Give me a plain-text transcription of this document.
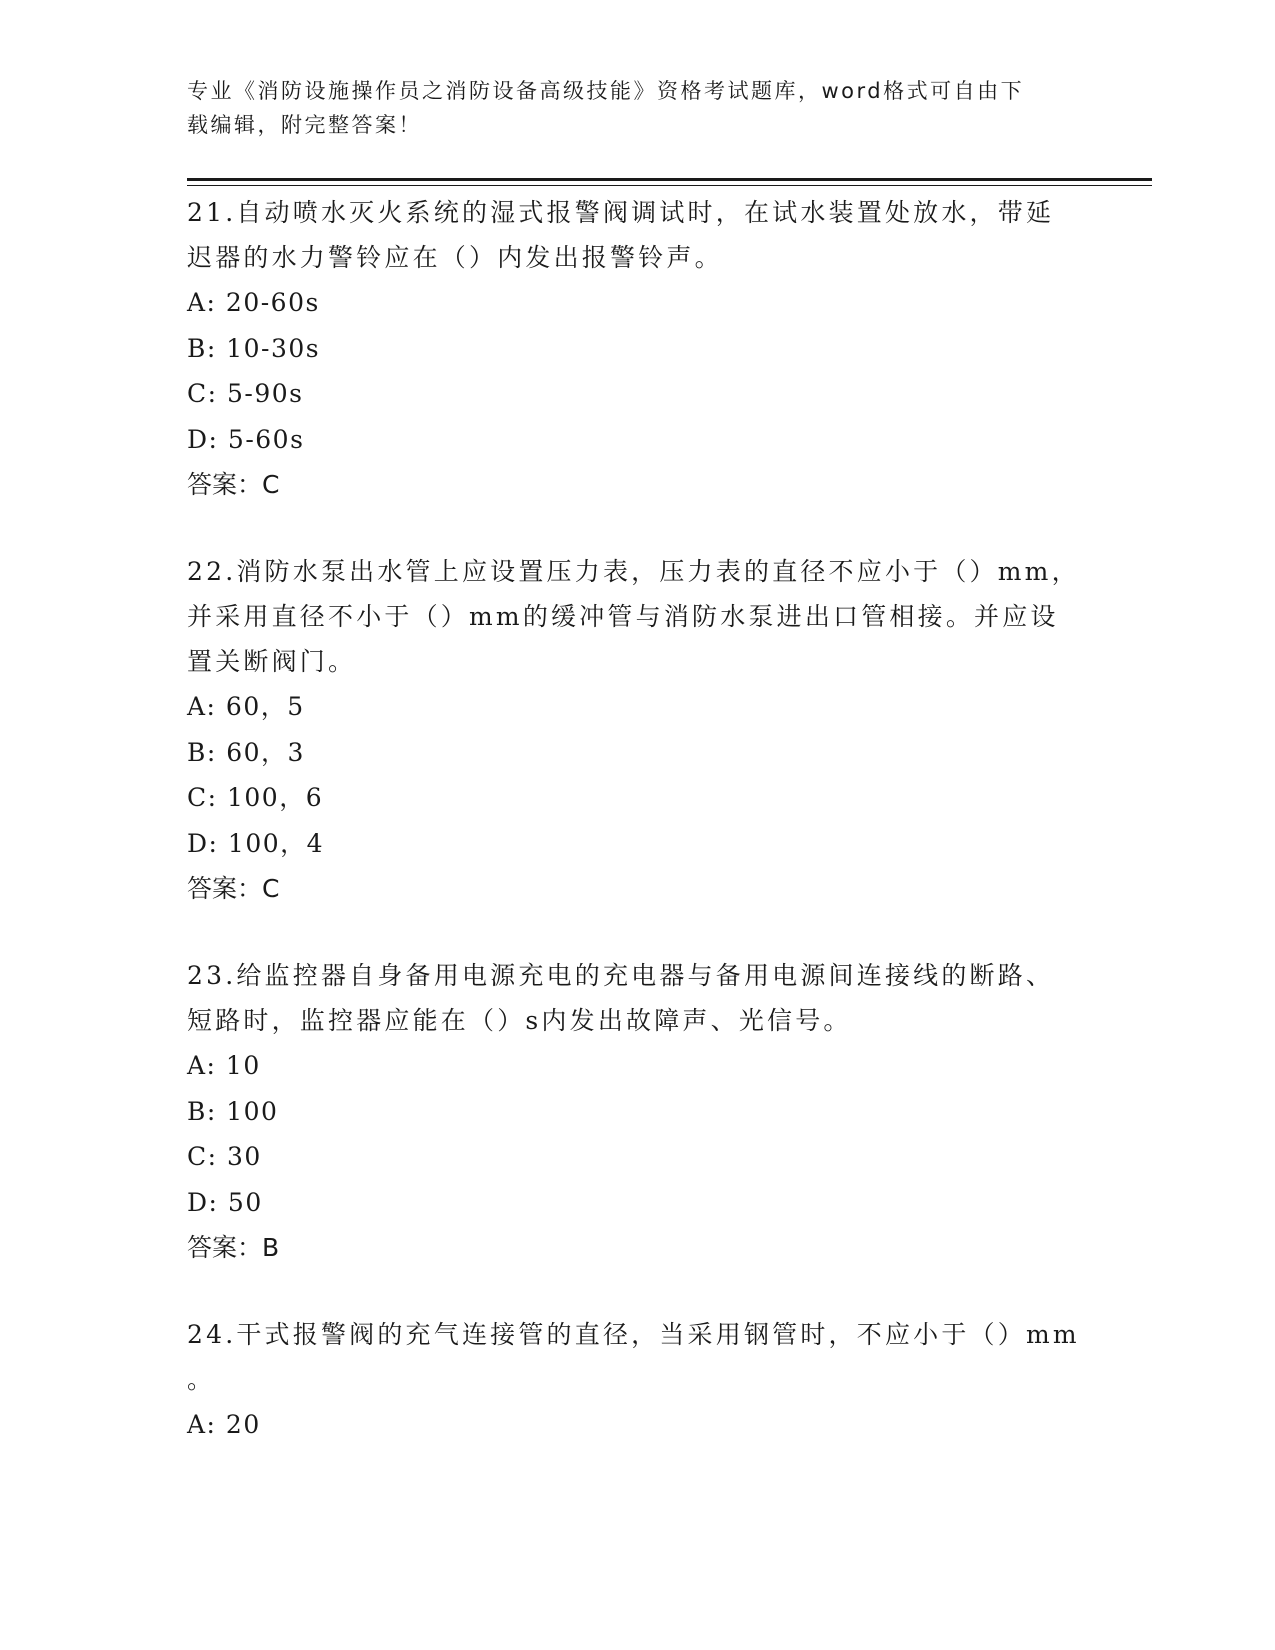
专业《消防设施操作员之消防设备高级技能》资格考试题库，word格式可自由下
载编辑，附完整答案！

21.自动喷水灭火系统的湿式报警阀调试时，在试水装置处放水，带延

迟器的水力警铃应在（）内发出报警铃声。

A: 20-60s

B: 10-30s

C: 5-90s

D: 5-60s

答案：C

22.消防水泵出水管上应设置压力表，压力表的直径不应小于（）mm，

并采用直径不小于（）mm的缓冲管与消防水泵进出口管相接。并应设

置关断阀门。

A: 60，5

B: 60，3

C: 100，6

D: 100，4

答案：C

23.给监控器自身备用电源充电的充电器与备用电源间连接线的断路、

短路时，监控器应能在（）s内发出故障声、光信号。

A: 10

B: 100

C: 30

D: 50

答案：B

24.干式报警阀的充气连接管的直径，当采用钢管时，不应小于（）mm

。

A: 20
